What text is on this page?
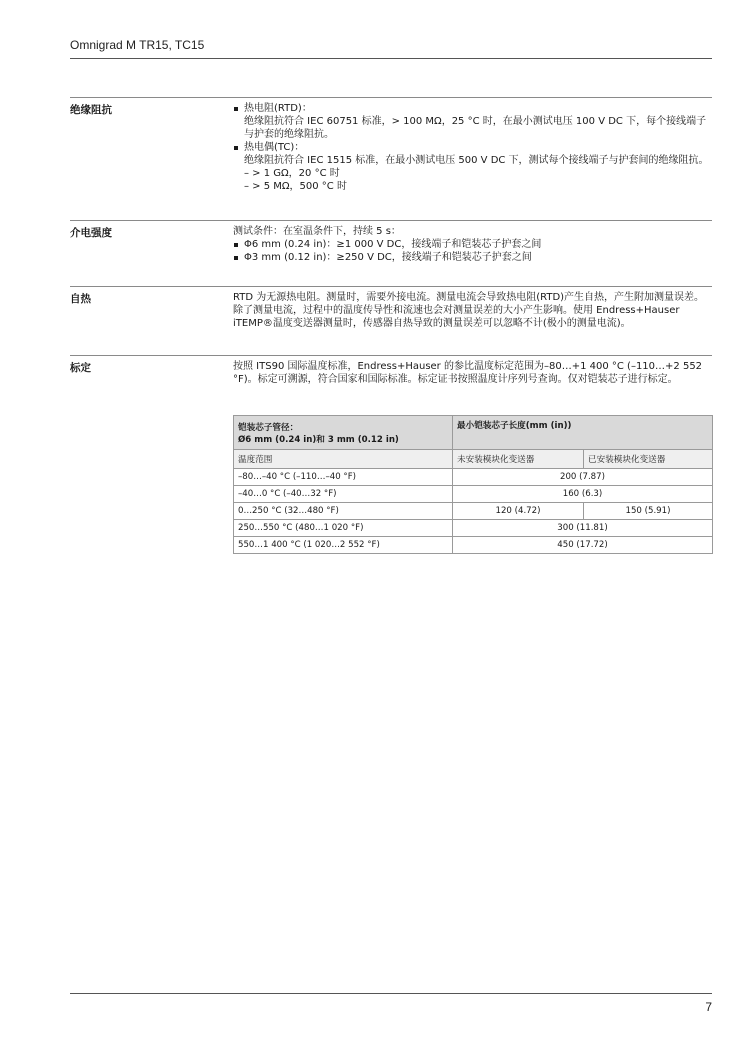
Omnigrad M TR15, TC15
绝缘阻抗	热电阻(RTD)：
绝缘阻抗符合 IEC 60751 标准，> 100 MΩ，25 °C 时，在最小测试电压 100 V DC 下，每个接线端子与护套的绝缘阻抗。
热电偶(TC)：
绝缘阻抗符合 IEC 1515 标准，在最小测试电压 500 V DC 下，测试每个接线端子与护套间的绝缘阻抗。

– > 1 GΩ，20 °C 时

– > 5 MΩ，500 °C 时

介电强度	测试条件：在室温条件下，持续 5 s：

Φ6 mm (0.24 in)：≥1 000 V DC，接线端子和铠装芯子护套之间
Φ3 mm (0.12 in)：≥250 V DC，接线端子和铠装芯子护套之间
自热	RTD 为无源热电阻。测量时，需要外接电流。测量电流会导致热电阻(RTD)产生自热，产生附加测量误差。除了测量电流，过程中的温度传导性和流速也会对测量误差的大小产生影响。使用 Endress+Hauser iTEMP®温度变送器测量时，传感器自热导致的测量误差可以忽略不计(极小的测量电流)。

标定	按照 ITS90 国际温度标准，Endress+Hauser 的参比温度标定范围为–80…+1 400 °C (–110…+2 552 °F)。标定可溯源，符合国家和国际标准。标定证书按照温度计序列号查询。仅对铠装芯子进行标定。

铠装芯子管径：
Ø6 mm (0.24 in)和 3 mm (0.12 in)	最小铠装芯子长度(mm (in))	
温度范围	未安装模块化变送器	已安装模块化变送器
–80…–40 °C (–110…–40 °F)	200 (7.87)	
–40…0 °C (–40…32 °F)	160 (6.3)	
0…250 °C (32…480 °F)	120 (4.72)	150 (5.91)
250…550 °C (480…1 020 °F)	300 (11.81)	
550…1 400 °C (1 020…2 552 °F)	450 (17.72)	
7
